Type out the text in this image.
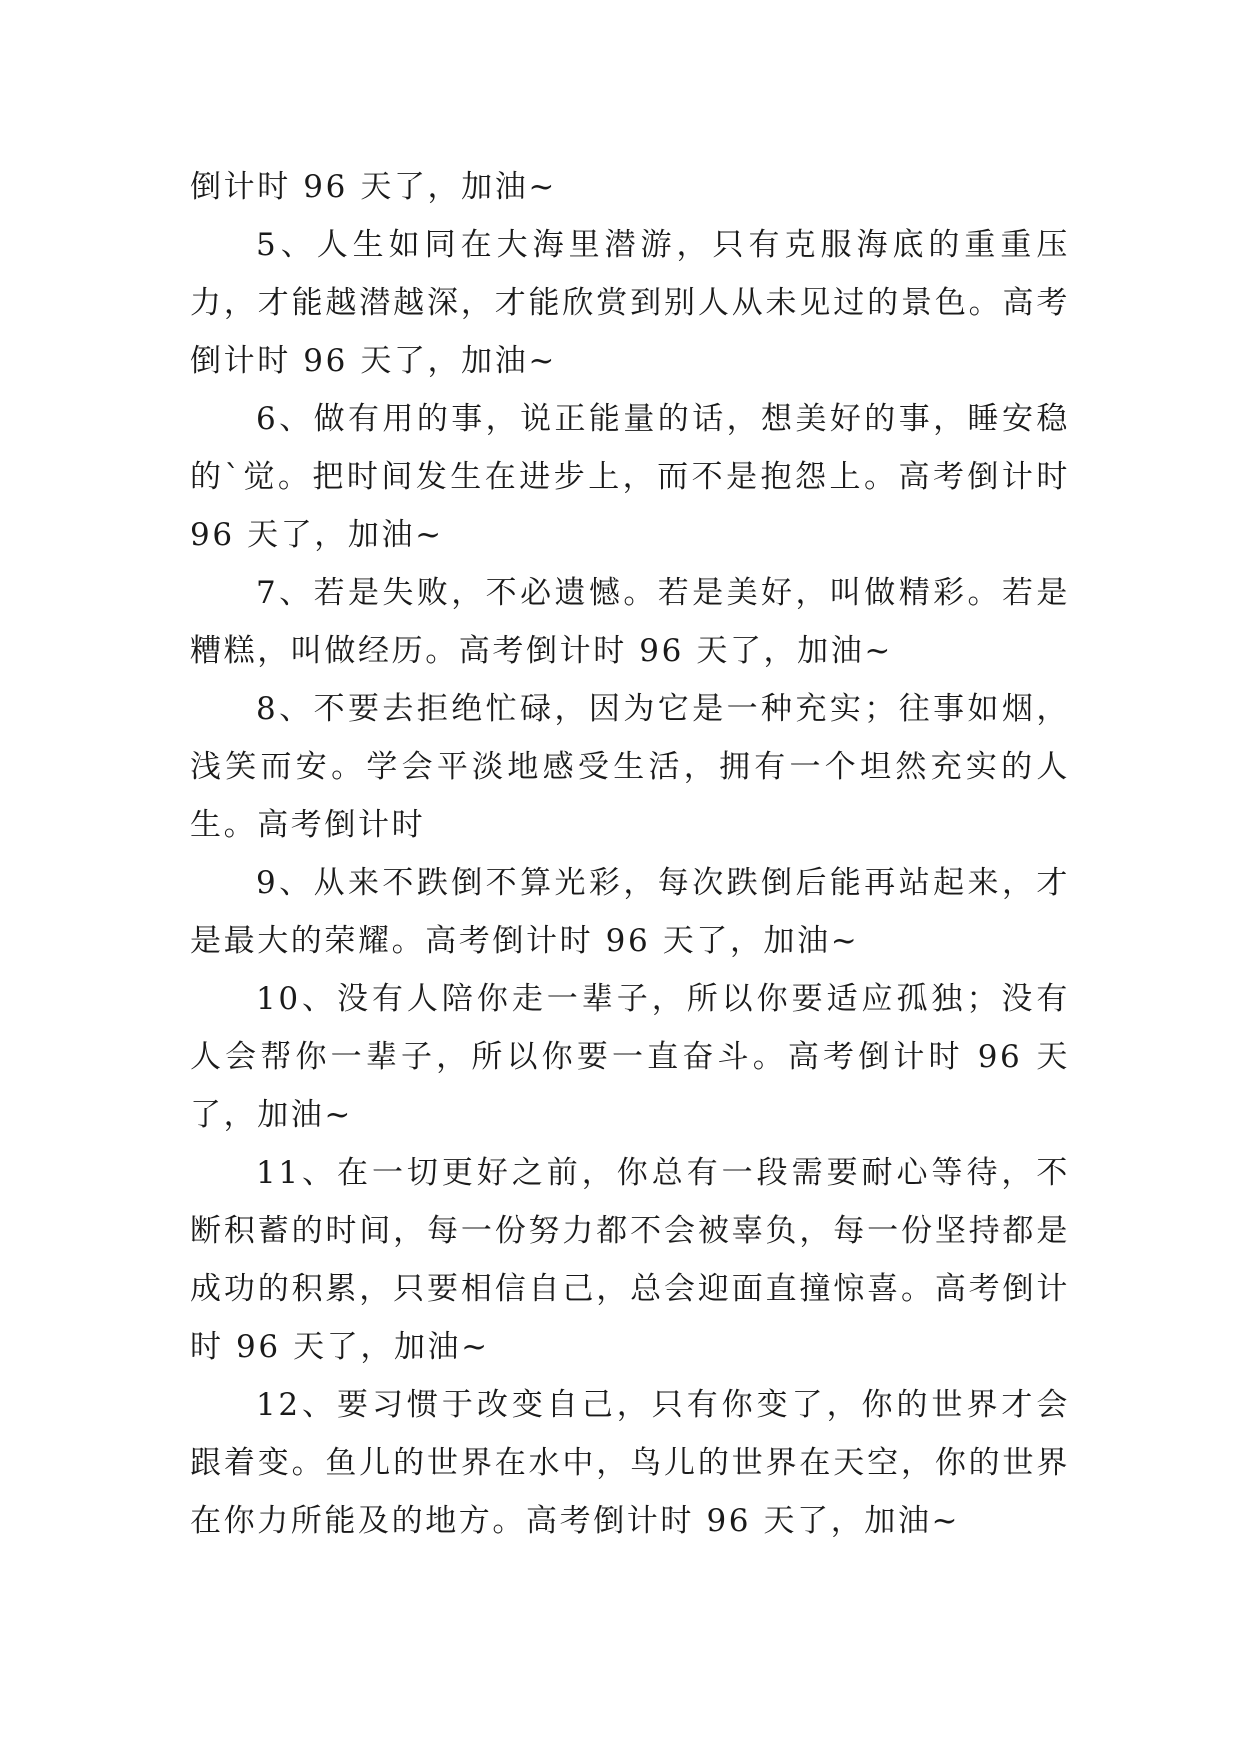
倒计时 96 天了，加油~

5、人生如同在大海里潜游，只有克服海底的重重压力，才能越潜越深，才能欣赏到别人从未见过的景色。高考倒计时 96 天了，加油~

6、做有用的事，说正能量的话，想美好的事，睡安稳的`觉。把时间发生在进步上，而不是抱怨上。高考倒计时 96 天了，加油~

7、若是失败，不必遗憾。若是美好，叫做精彩。若是糟糕，叫做经历。高考倒计时 96 天了，加油~

8、不要去拒绝忙碌，因为它是一种充实；往事如烟，浅笑而安。学会平淡地感受生活，拥有一个坦然充实的人生。高考倒计时

9、从来不跌倒不算光彩，每次跌倒后能再站起来，才是最大的荣耀。高考倒计时 96 天了，加油~

10、没有人陪你走一辈子，所以你要适应孤独；没有人会帮你一辈子，所以你要一直奋斗。高考倒计时 96 天了，加油~

11、在一切更好之前，你总有一段需要耐心等待，不断积蓄的时间，每一份努力都不会被辜负，每一份坚持都是成功的积累，只要相信自己，总会迎面直撞惊喜。高考倒计时 96 天了，加油~

12、要习惯于改变自己，只有你变了，你的世界才会跟着变。鱼儿的世界在水中，鸟儿的世界在天空，你的世界在你力所能及的地方。高考倒计时 96 天了，加油~
